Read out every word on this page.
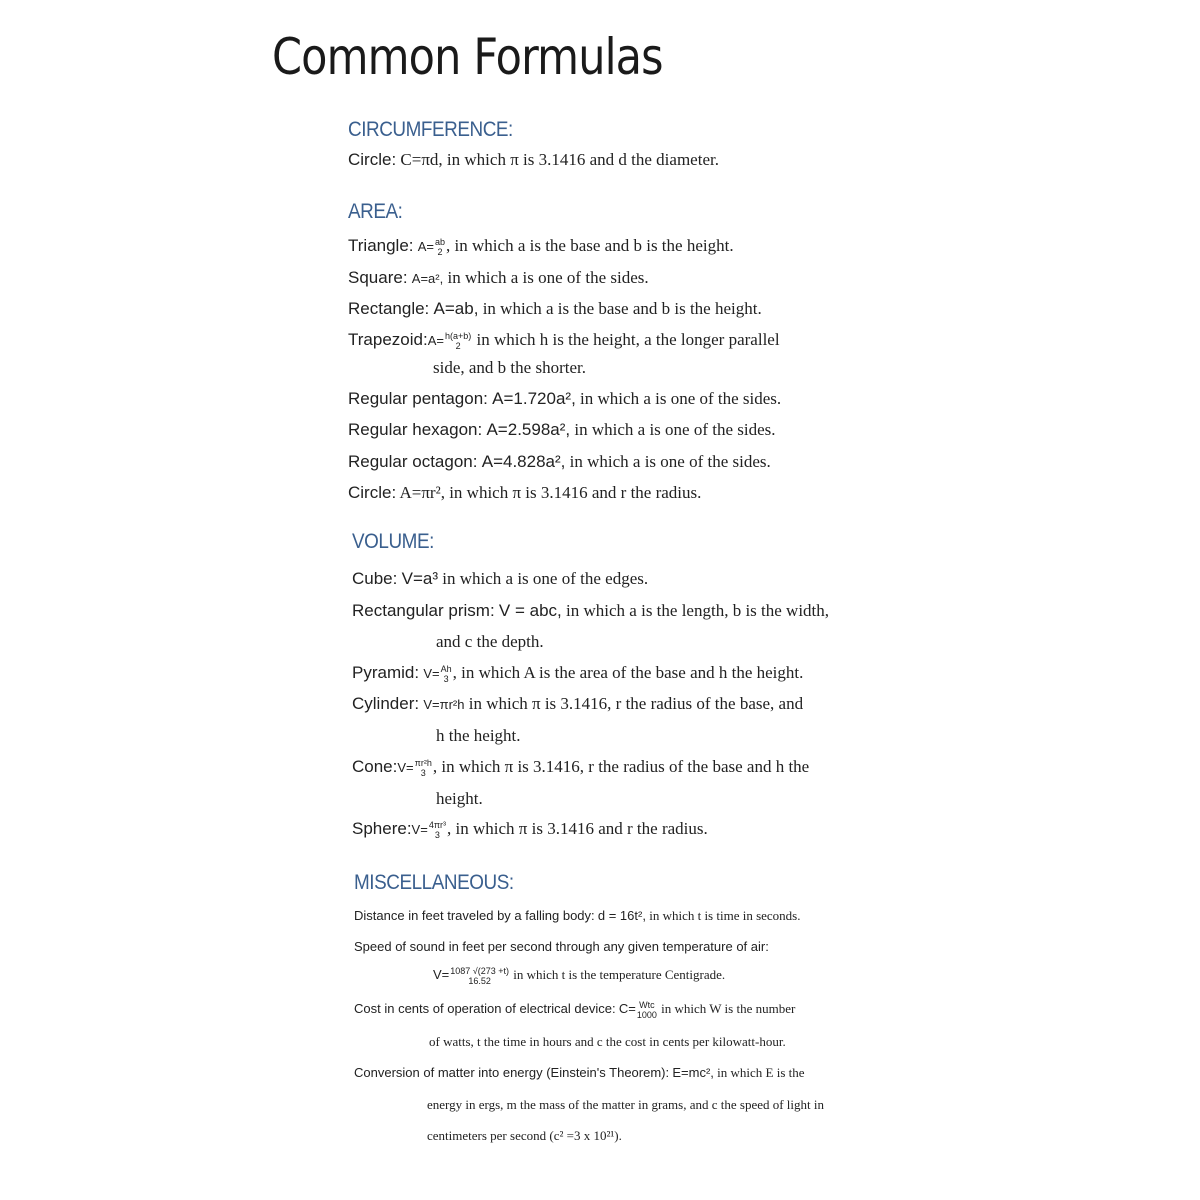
Common Formulas
CIRCUMFERENCE:
Circle: C=πd, in which π is 3.1416 and d the diameter.
AREA:
Triangle: A= ab
2 , in which a is the base and b is the height.
Square: A=a², in which a is one of the sides.
Rectangle: A=ab, in which a is the base and b is the height.
Trapezoid:A= h(a+b)
2 in which h is the height, a the longer parallel
side, and b the shorter.
Regular pentagon: A=1.720a², in which a is one of the sides.
Regular hexagon: A=2.598a², in which a is one of the sides.
Regular octagon: A=4.828a², in which a is one of the sides.
Circle: A=πr², in which π is 3.1416 and r the radius.
VOLUME:
Cube: V=a³ in which a is one of the edges.
Rectangular prism: V = abc, in which a is the length, b is the width,
and c the depth.
Pyramid: V= Ah
3 , in which A is the area of the base and h the height.
Cylinder: V=πr²h in which π is 3.1416, r the radius of the base, and
h the height.
Cone:V= πr²h
3 , in which π is 3.1416, r the radius of the base and h the
height.
Sphere:V= 4πr³
3 , in which π is 3.1416 and r the radius.
MISCELLANEOUS:
Distance in feet traveled by a falling body: d = 16t², in which t is time in seconds.
Speed of sound in feet per second through any given temperature of air:
V= 1087 √(273 +t)
16.52	in which t is the temperature Centigrade.
Cost in cents of operation of electrical device: C= Wtc
1000 in which W is the number
of watts, t the time in hours and c the cost in cents per kilowatt-hour.
Conversion of matter into energy (Einstein's Theorem): E=mc², in which E is the
energy in ergs, m the mass of the matter in grams, and c the speed of light in
centimeters per second (c² =3 x 10²¹).
